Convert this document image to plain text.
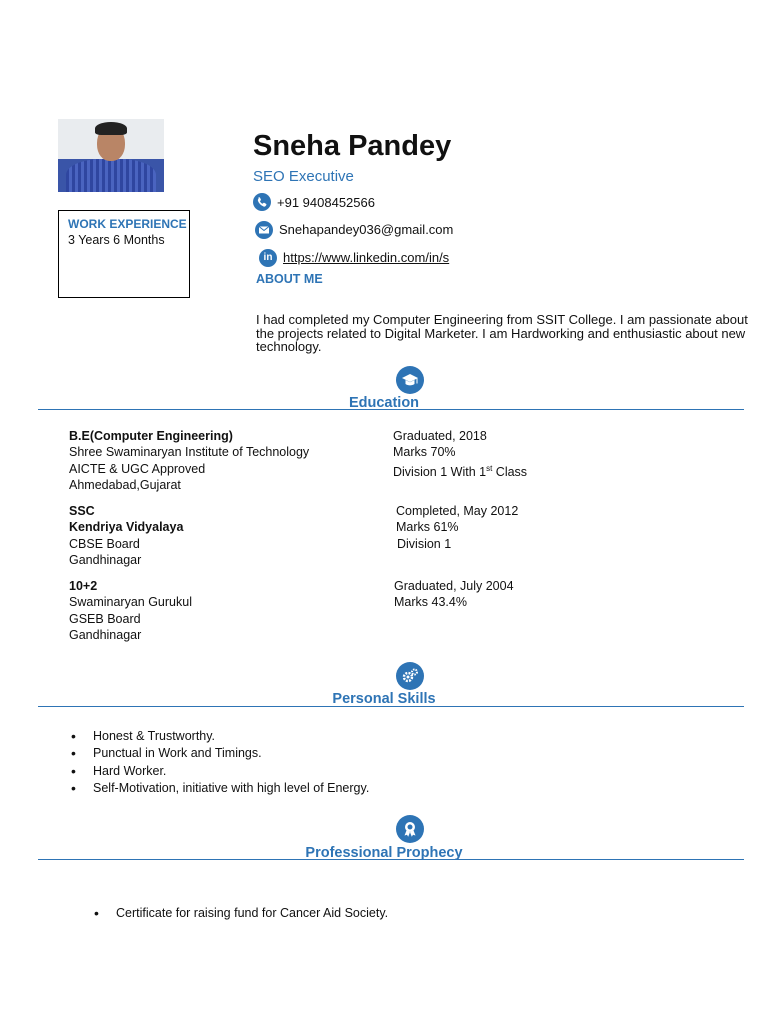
WORK EXPERIENCE
3 Years 6 Months
Sneha Pandey
SEO Executive
+91 9408452566
Snehapandey036@gmail.com
in https://www.linkedin.com/in/s
ABOUT ME
I had completed my Computer Engineering from SSIT College. I am passionate about the projects related to Digital Marketer. I am Hardworking and enthusiastic about new technology.
Education
B.E(Computer Engineering)
Shree Swaminaryan Institute of Technology
AICTE & UGC Approved
Ahmedabad,Gujarat
Graduated, 2018
Marks 70%
Division 1 With 1st Class
SSC
Kendriya Vidyalaya
CBSE Board
Gandhinagar
Completed, May 2012
Marks 61%
Division 1
10+2
Swaminaryan Gurukul
GSEB Board
Gandhinagar
Graduated, July 2004
Marks 43.4%
Personal Skills
• Honest & Trustworthy.
• Punctual in Work and Timings.
• Hard Worker.
• Self-Motivation, initiative with high level of Energy.
Professional Prophecy
• Certificate for raising fund for Cancer Aid Society.
